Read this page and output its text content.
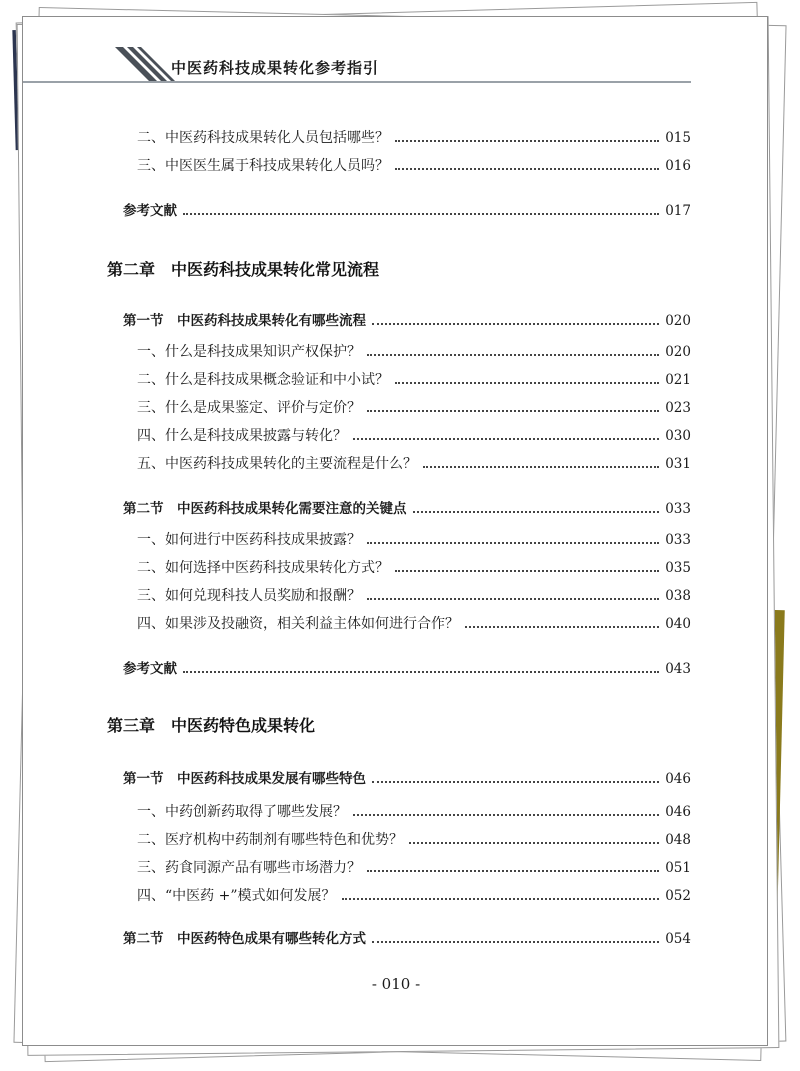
中医药科技成果转化参考指引
二、中医药科技成果转化人员包括哪些？	015
三、中医医生属于科技成果转化人员吗？	016
参考文献	017
第二章　中医药科技成果转化常见流程
第一节　中医药科技成果转化有哪些流程	020
一、什么是科技成果知识产权保护？	020
二、什么是科技成果概念验证和中小试？	021
三、什么是成果鉴定、评价与定价？	023
四、什么是科技成果披露与转化？	030
五、中医药科技成果转化的主要流程是什么？	031
第二节　中医药科技成果转化需要注意的关键点	033
一、如何进行中医药科技成果披露？	033
二、如何选择中医药科技成果转化方式？	035
三、如何兑现科技人员奖励和报酬？	038
四、如果涉及投融资，相关利益主体如何进行合作？	040
参考文献	043
第三章　中医药特色成果转化
第一节　中医药科技成果发展有哪些特色	046
一、中药创新药取得了哪些发展？	046
二、医疗机构中药制剂有哪些特色和优势？	048
三、药食同源产品有哪些市场潜力？	051
四、“中医药 +”模式如何发展？	052
第二节　中医药特色成果有哪些转化方式	054
- 010 -
